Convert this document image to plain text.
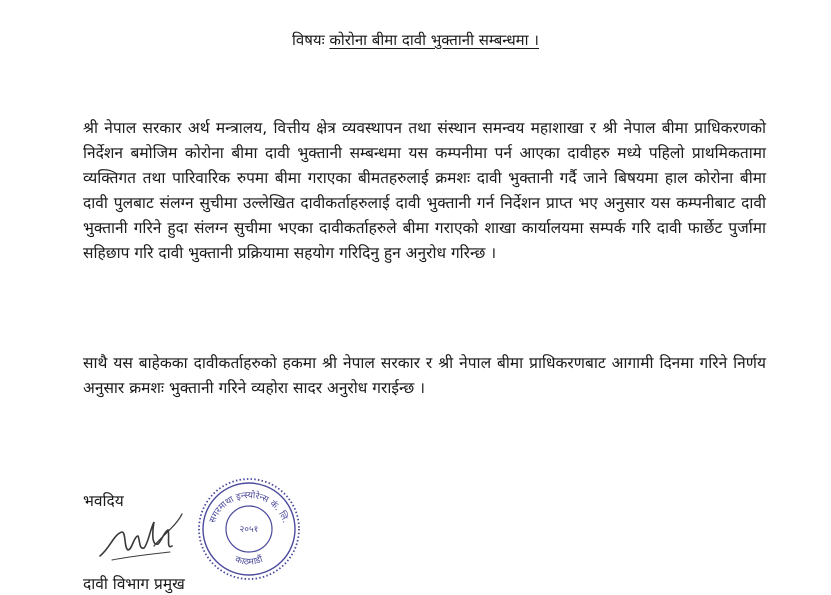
विषयः कोरोना बीमा दावी भुक्तानी सम्बन्धमा ।

श्री नेपाल सरकार अर्थ मन्त्रालय, वित्तीय क्षेत्र व्यवस्थापन तथा संस्थान समन्वय महाशाखा र श्री नेपाल बीमा प्राधिकरणको निर्देशन बमोजिम कोरोना बीमा दावी भुक्तानी सम्बन्धमा यस कम्पनीमा पर्न आएका दावीहरु मध्ये पहिलो प्राथमिकतामा व्यक्तिगत तथा पारिवारिक रुपमा बीमा गराएका बीमतहरुलाई क्रमशः दावी भुक्तानी गर्दै जाने बिषयमा हाल कोरोना बीमा दावी पुलबाट संलग्न सुचीमा उल्लेखित दावीकर्ताहरुलाई दावी भुक्तानी गर्न निर्देशन प्राप्त भए अनुसार यस कम्पनीबाट दावी भुक्तानी गरिने हुदा संलग्न सुचीमा भएका दावीकर्ताहरुले बीमा गराएको शाखा कार्यालयमा सम्पर्क गरि दावी फार्छेट पुर्जामा सहिछाप गरि दावी भुक्तानी प्रक्रियामा सहयोग गरिदिनु हुन अनुरोध गरिन्छ ।

साथै यस बाहेकका दावीकर्ताहरुको हकमा श्री नेपाल सरकार र श्री नेपाल बीमा प्राधिकरणबाट आगामी दिनमा गरिने निर्णय अनुसार क्रमशः भुक्तानी गरिने व्यहोरा सादर अनुरोध गराईन्छ ।

भवदिय
सगरमाथा इन्स्योरेन्स कं. लि.
२०५१
काठमाडौं
दावी विभाग प्रमुख
